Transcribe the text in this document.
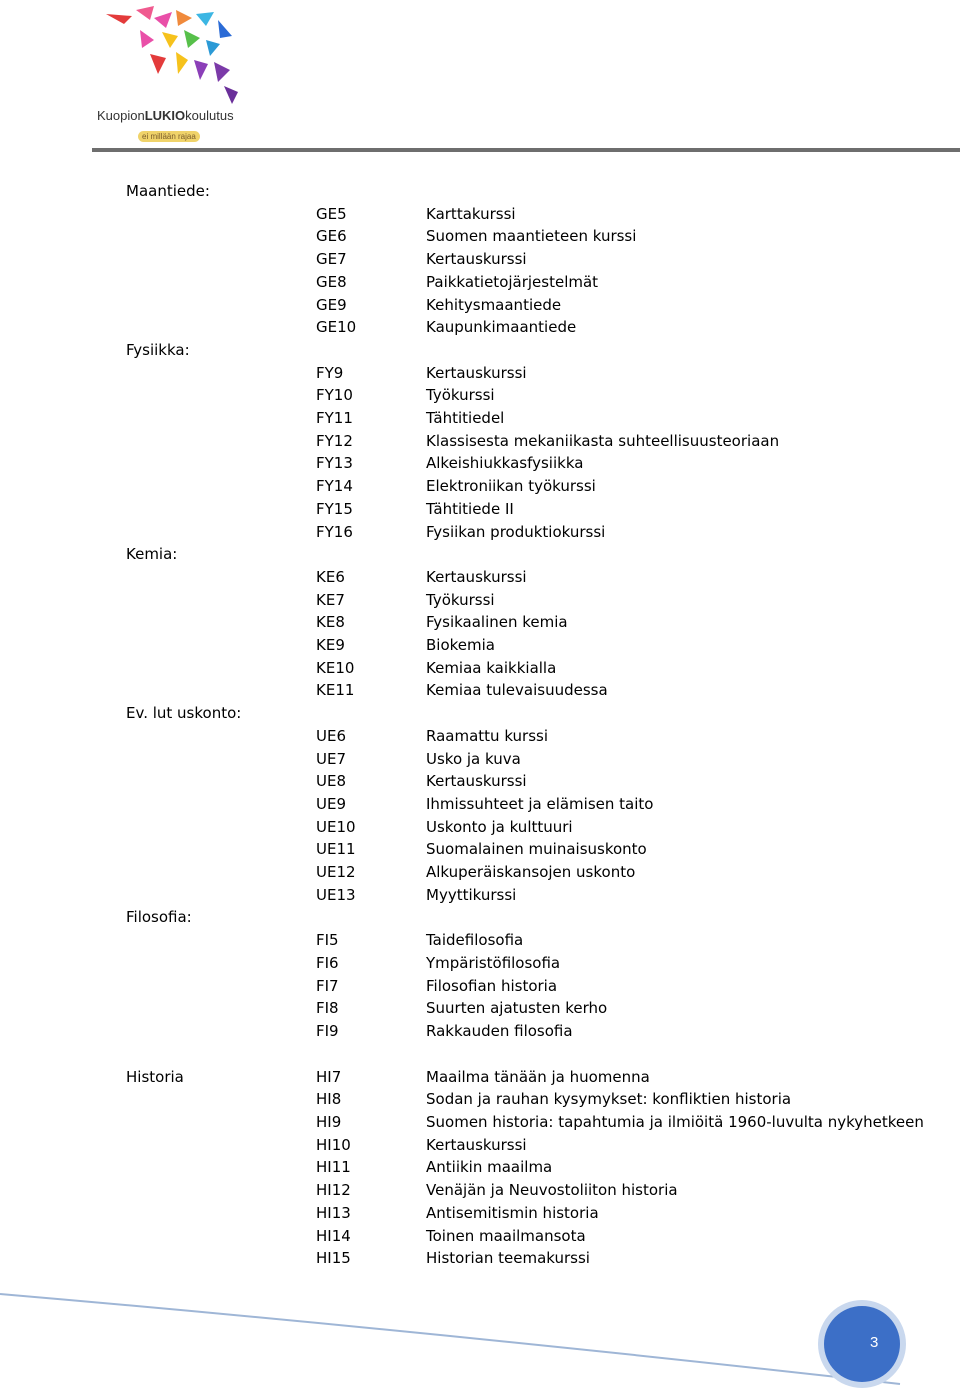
KuopionLUKIOkoulutus
ei millään rajaa
Maantiede:
GE5	Karttakurssi
GE6	Suomen maantieteen kurssi
GE7	Kertauskurssi
GE8	Paikkatietojärjestelmät
GE9	Kehitysmaantiede
GE10	Kaupunkimaantiede
Fysiikka:
FY9	Kertauskurssi
FY10	Työkurssi
FY11	Tähtitiedel
FY12	Klassisesta mekaniikasta suhteellisuusteoriaan
FY13	Alkeishiukkasfysiikka
FY14	Elektroniikan työkurssi
FY15	Tähtitiede II
FY16	Fysiikan produktiokurssi
Kemia:
KE6	Kertauskurssi
KE7	Työkurssi
KE8	Fysikaalinen kemia
KE9	Biokemia
KE10	Kemiaa kaikkialla
KE11	Kemiaa tulevaisuudessa
Ev. lut uskonto:
UE6	Raamattu kurssi
UE7	Usko ja kuva
UE8	Kertauskurssi
UE9	Ihmissuhteet ja elämisen taito
UE10	Uskonto ja kulttuuri
UE11	Suomalainen muinaisuskonto
UE12	Alkuperäiskansojen uskonto
UE13	Myyttikurssi
Filosofia:
FI5	Taidefilosofia
FI6	Ympäristöfilosofia
FI7	Filosofian historia
FI8	Suurten ajatusten kerho
FI9	Rakkauden filosofia
Historia	HI7	Maailma tänään ja huomenna
HI8	Sodan ja rauhan kysymykset: konfliktien historia
HI9	Suomen historia: tapahtumia ja ilmiöitä 1960-luvulta nykyhetkeen
HI10	Kertauskurssi
HI11	Antiikin maailma
HI12	Venäjän ja Neuvostoliiton historia
HI13	Antisemitismin historia
HI14	Toinen maailmansota
HI15	Historian teemakurssi
3
